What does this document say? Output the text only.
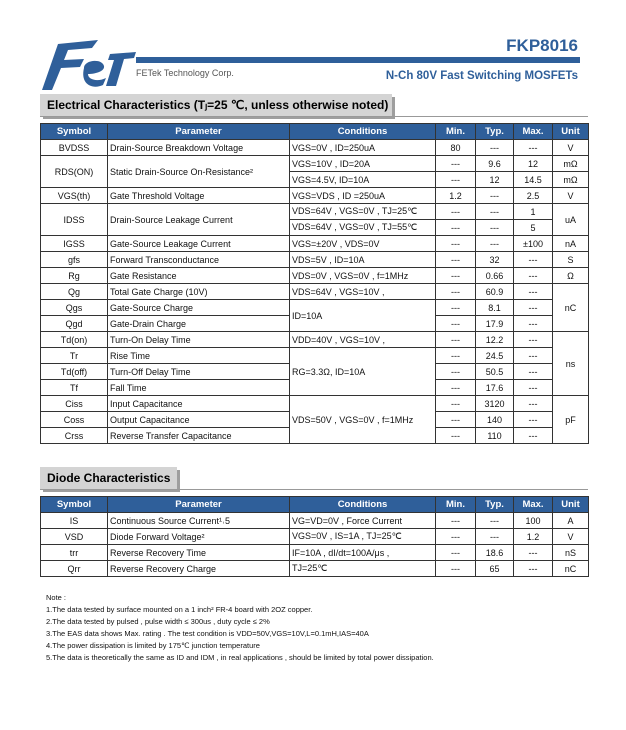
FETek Technology Corp.
FKP8016
N-Ch 80V Fast Switching MOSFETs
Electrical Characteristics (Tⱼ=25 ℃, unless otherwise noted)
Symbol	Parameter	Conditions	Min.	Typ.	Max.	Unit
BVDSS	Drain-Source Breakdown Voltage	VGS=0V , ID=250uA	80	---	---	V
RDS(ON)	Static Drain-Source On-Resistance²	VGS=10V , ID=20A	---	9.6	12	mΩ
		VGS=4.5V, ID=10A	---	12	14.5	mΩ
VGS(th)	Gate Threshold Voltage	VGS=VDS , ID =250uA	1.2	---	2.5	V
IDSS	Drain-Source Leakage Current	VDS=64V , VGS=0V , TJ=25℃	---	---	1	uA
		VDS=64V , VGS=0V , TJ=55℃	---	---	5	
IGSS	Gate-Source Leakage Current	VGS=±20V , VDS=0V	---	---	±100	nA
gfs	Forward Transconductance	VDS=5V , ID=10A	---	32	---	S
Rg	Gate Resistance	VDS=0V , VGS=0V , f=1MHz	---	0.66	---	Ω
Qg	Total Gate Charge (10V)	VDS=64V , VGS=10V ,	---	60.9	---	nC
Qgs	Gate-Source Charge	ID=10A	---	8.1	---	
Qgd	Gate-Drain Charge		---	17.9	---	
Td(on)	Turn-On Delay Time	VDD=40V , VGS=10V ,	---	12.2	---	ns
Tr	Rise Time	RG=3.3Ω, ID=10A	---	24.5	---	
Td(off)	Turn-Off Delay Time		---	50.5	---	
Tf	Fall Time		---	17.6	---	
Ciss	Input Capacitance	VDS=50V , VGS=0V , f=1MHz	---	3120	---	pF
Coss	Output Capacitance		---	140	---	
Crss	Reverse Transfer Capacitance		---	110	---	
Diode Characteristics
Symbol	Parameter	Conditions	Min.	Typ.	Max.	Unit
IS	Continuous Source Current¹˒5	VG=VD=0V , Force Current	---	---	100	A
VSD	Diode Forward Voltage²	VGS=0V , IS=1A , TJ=25℃	---	---	1.2	V
trr	Reverse Recovery Time	IF=10A , dI/dt=100A/μs ,	---	18.6	---	nS
Qrr	Reverse Recovery Charge	TJ=25℃	---	65	---	nC
Note :
1.The data tested by surface mounted on a 1 inch² FR-4 board with 2OZ copper.
2.The data tested by pulsed , pulse width ≤ 300us , duty cycle ≤ 2%
3.The EAS data shows Max. rating . The test condition is VDD=50V,VGS=10V,L=0.1mH,IAS=40A
4.The power dissipation is limited by 175℃ junction temperature
5.The data is theoretically the same as ID and IDM , in real applications , should be limited by total power dissipation.
